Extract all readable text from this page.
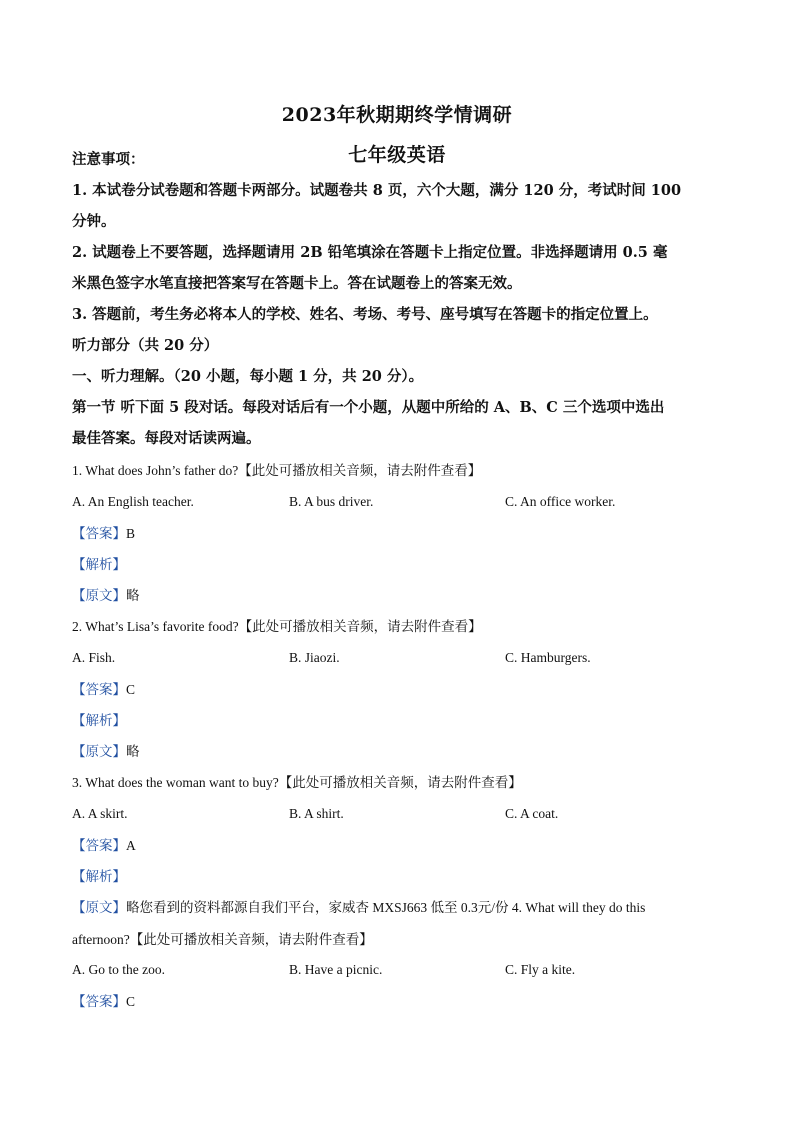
2023年秋期期终学情调研
七年级英语
注意事项：
1. 本试卷分试卷题和答题卡两部分。试题卷共 8 页，六个大题，满分 120 分，考试时间 100
分钟。
2. 试题卷上不要答题，选择题请用 2B 铅笔填涂在答题卡上指定位置。非选择题请用 0.5 毫
米黑色签字水笔直接把答案写在答题卡上。答在试题卷上的答案无效。
3. 答题前，考生务必将本人的学校、姓名、考场、考号、座号填写在答题卡的指定位置上。
听力部分（共 20 分）
一、听力理解。（20 小题，每小题 1 分，共 20 分）。
第一节 听下面 5 段对话。每段对话后有一个小题，从题中所给的 A、B、C 三个选项中选出
最佳答案。每段对话读两遍。
1. What does John’s father do?【此处可播放相关音频，请去附件查看】
A. An English teacher.	B. A bus driver.	C. An office worker.
【答案】B
【解析】
【原文】略
2. What’s Lisa’s favorite food?【此处可播放相关音频，请去附件查看】
A. Fish.	B. Jiaozi.	C. Hamburgers.
【答案】C
【解析】
【原文】略
3. What does the woman want to buy?【此处可播放相关音频，请去附件查看】
A. A skirt.	B. A shirt.	C. A coat.
【答案】A
【解析】
【原文】略您看到的资料都源自我们平台，家威杏 MXSJ663 低至 0.3元/份 4. What will they do this
afternoon?【此处可播放相关音频，请去附件查看】
A. Go to the zoo.	B. Have a picnic.	C. Fly a kite.
【答案】C
